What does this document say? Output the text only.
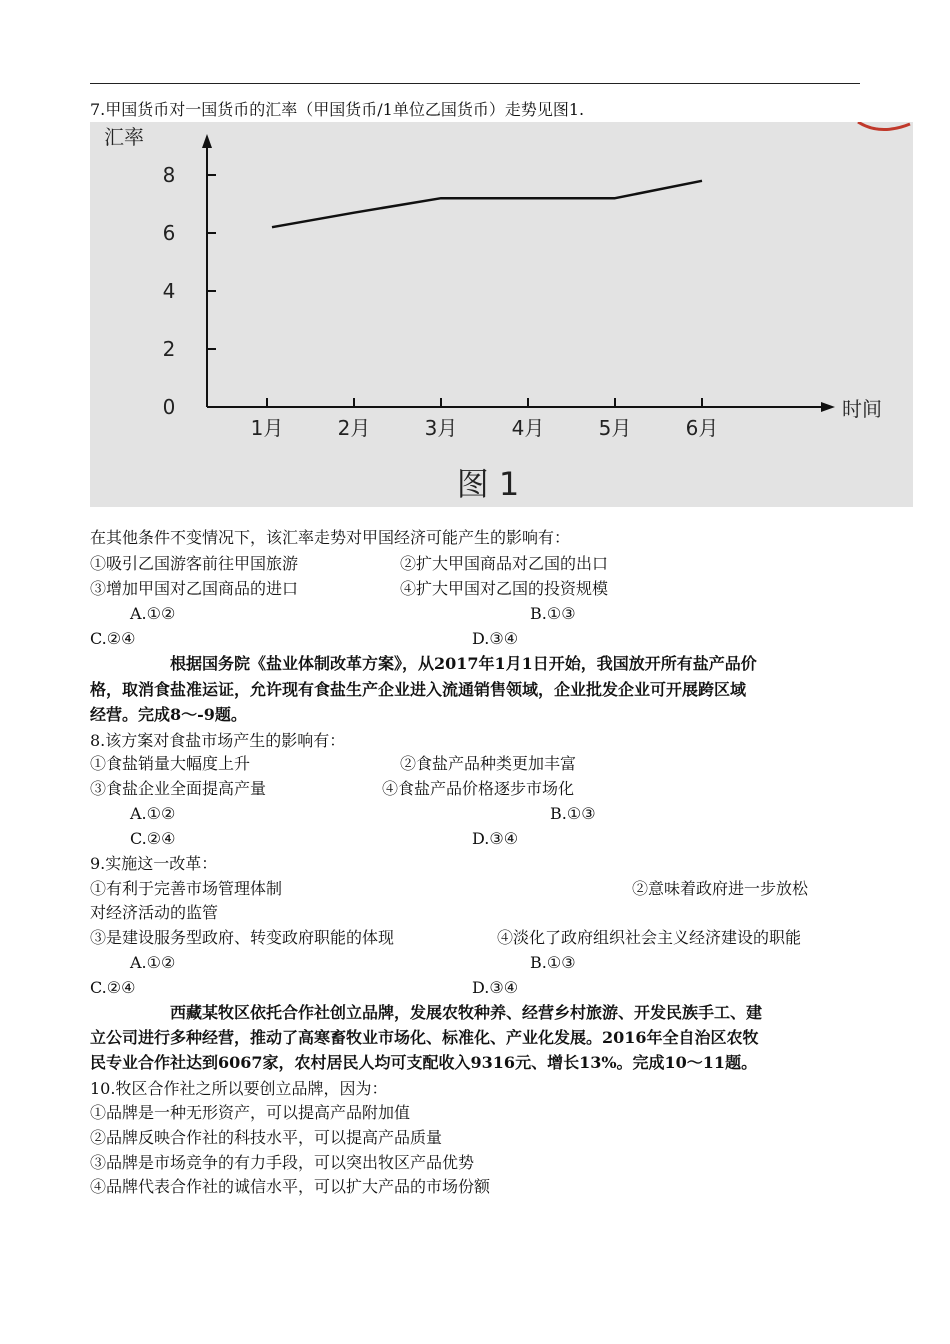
7.甲国货币对一国货币的汇率（甲国货币/1单位乙国货币）走势见图1.
汇率
时间
图 1
0
2
4
6
8
1月	2月	3月	4月	5月	6月
在其他条件不变情况下，该汇率走势对甲国经济可能产生的影响有：
①吸引乙国游客前往甲国旅游	②扩大甲国商品对乙国的出口
③增加甲国对乙国商品的进口	④扩大甲国对乙国的投资规模
A.①②	B.①③
C.②④	D.③④
根据国务院《盐业体制改革方案》，从2017年1月1日开始，我国放开所有盐产品价
格，取消食盐准运证，允许现有食盐生产企业进入流通销售领域，企业批发企业可开展跨区域
经营。完成8～-9题。
8.该方案对食盐市场产生的影响有：
①食盐销量大幅度上升	②食盐产品种类更加丰富
③食盐企业全面提高产量	④食盐产品价格逐步市场化
A.①②	B.①③
C.②④	D.③④
9.实施这一改革：
①有利于完善市场管理体制	②意味着政府进一步放松
对经济活动的监管
③是建设服务型政府、转变政府职能的体现	④淡化了政府组织社会主义经济建设的职能
A.①②	B.①③
C.②④	D.③④
西藏某牧区依托合作社创立品牌，发展农牧种养、经营乡村旅游、开发民族手工、建
立公司进行多种经营，推动了高寒畜牧业市场化、标准化、产业化发展。2016年全自治区农牧
民专业合作社达到6067家，农村居民人均可支配收入9316元、增长13%。完成10～11题。
10.牧区合作社之所以要创立品牌，因为：
①品牌是一种无形资产，可以提高产品附加值
②品牌反映合作社的科技水平，可以提高产品质量
③品牌是市场竞争的有力手段，可以突出牧区产品优势
④品牌代表合作社的诚信水平，可以扩大产品的市场份额
